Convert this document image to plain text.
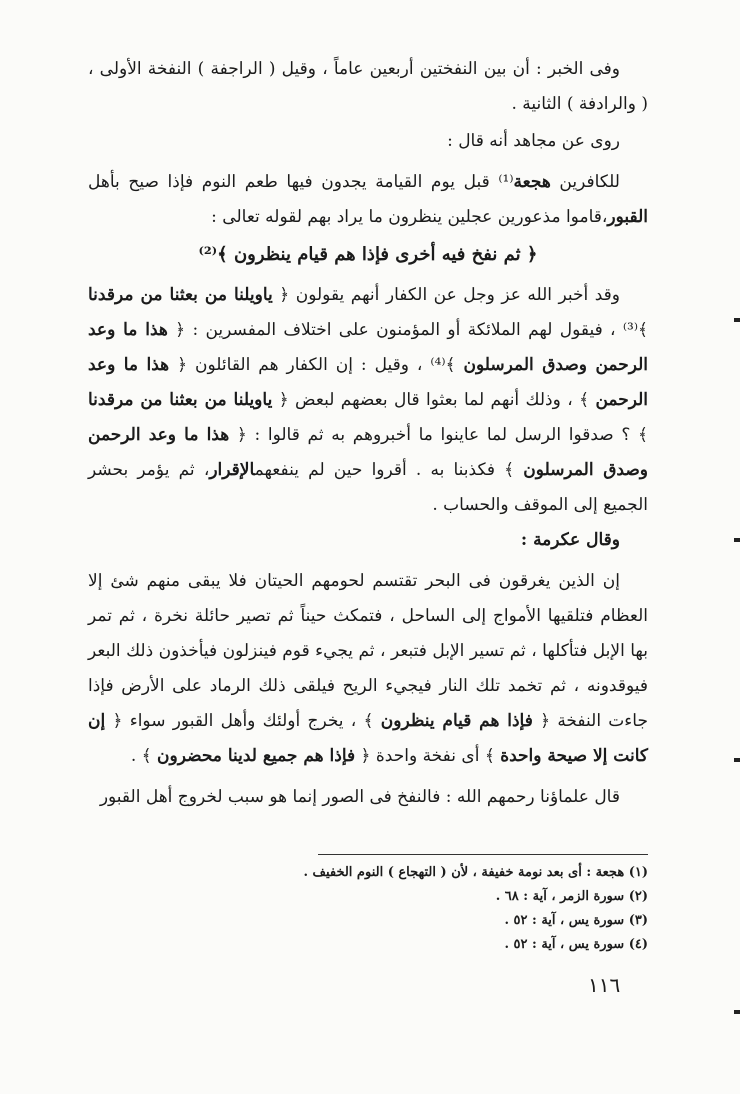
وفى الخبر : أن بين النفختين أربعين عاماً ، وقيل ( الراجفة ) النفخة الأولى ، ( والرادفة ) الثانية .

روى عن مجاهد أنه قال :

للكافرين هجعة⁽¹⁾ قبل يوم القيامة يجدون فيها طعم النوم فإذا صيح بأهل القبور،قاموا مذعورين عجلين ينظرون ما يراد بهم لقوله تعالى :

﴿ ثم نفخ فيه أخرى فإذا هم قيام ينظرون ﴾⁽²⁾

وقد أخبر الله عز وجل عن الكفار أنهم يقولون ﴿ ياويلنا من بعثنا من مرقدنا ﴾⁽³⁾ ، فيقول لهم الملائكة أو المؤمنون على اختلاف المفسرين : ﴿ هذا ما وعد الرحمن وصدق المرسلون ﴾⁽⁴⁾ ، وقيل : إن الكفار هم القائلون ﴿ هذا ما وعد الرحمن ﴾ ، وذلك أنهم لما بعثوا قال بعضهم لبعض ﴿ ياويلنا من بعثنا من مرقدنا ﴾ ؟ صدقوا الرسل لما عاينوا ما أخبروهم به ثم قالوا : ﴿ هذا ما وعد الرحمن وصدق المرسلون ﴾ فكذبنا به . أقروا حين لم ينفعهمالإقرار، ثم يؤمر بحشر الجميع إلى الموقف والحساب .

وقال عكرمة :

إن الذين يغرقون فى البحر تقتسم لحومهم الحيتان فلا يبقى منهم شئ إلا العظام فتلقيها الأمواج إلى الساحل ، فتمكث حيناً ثم تصير حائلة نخرة ، ثم تمر بها الإبل فتأكلها ، ثم تسير الإبل فتبعر ، ثم يجيء قوم فينزلون فيأخذون ذلك البعر فيوقدونه ، ثم تخمد تلك النار فيجيء الريح فيلقى ذلك الرماد على الأرض فإذا جاءت النفخة ﴿ فإذا هم قيام ينظرون ﴾ ، يخرج أولئك وأهل القبور سواء ﴿ إن كانت إلا صيحة واحدة ﴾ أى نفخة واحدة ﴿ فإذا هم جميع لدينا محضرون ﴾ .

قال علماؤنا رحمهم الله : فالنفخ فى الصور إنما هو سبب لخروج أهل القبور

(١) هجعة : أى بعد نومة خفيفة ، لأن ( التهجاع ) النوم الخفيف .

(٢) سورة الزمر ، آية : ٦٨ .

(٣) سورة يس ، آية : ٥٢ .

(٤) سورة يس ، آية : ٥٢ .

١١٦
